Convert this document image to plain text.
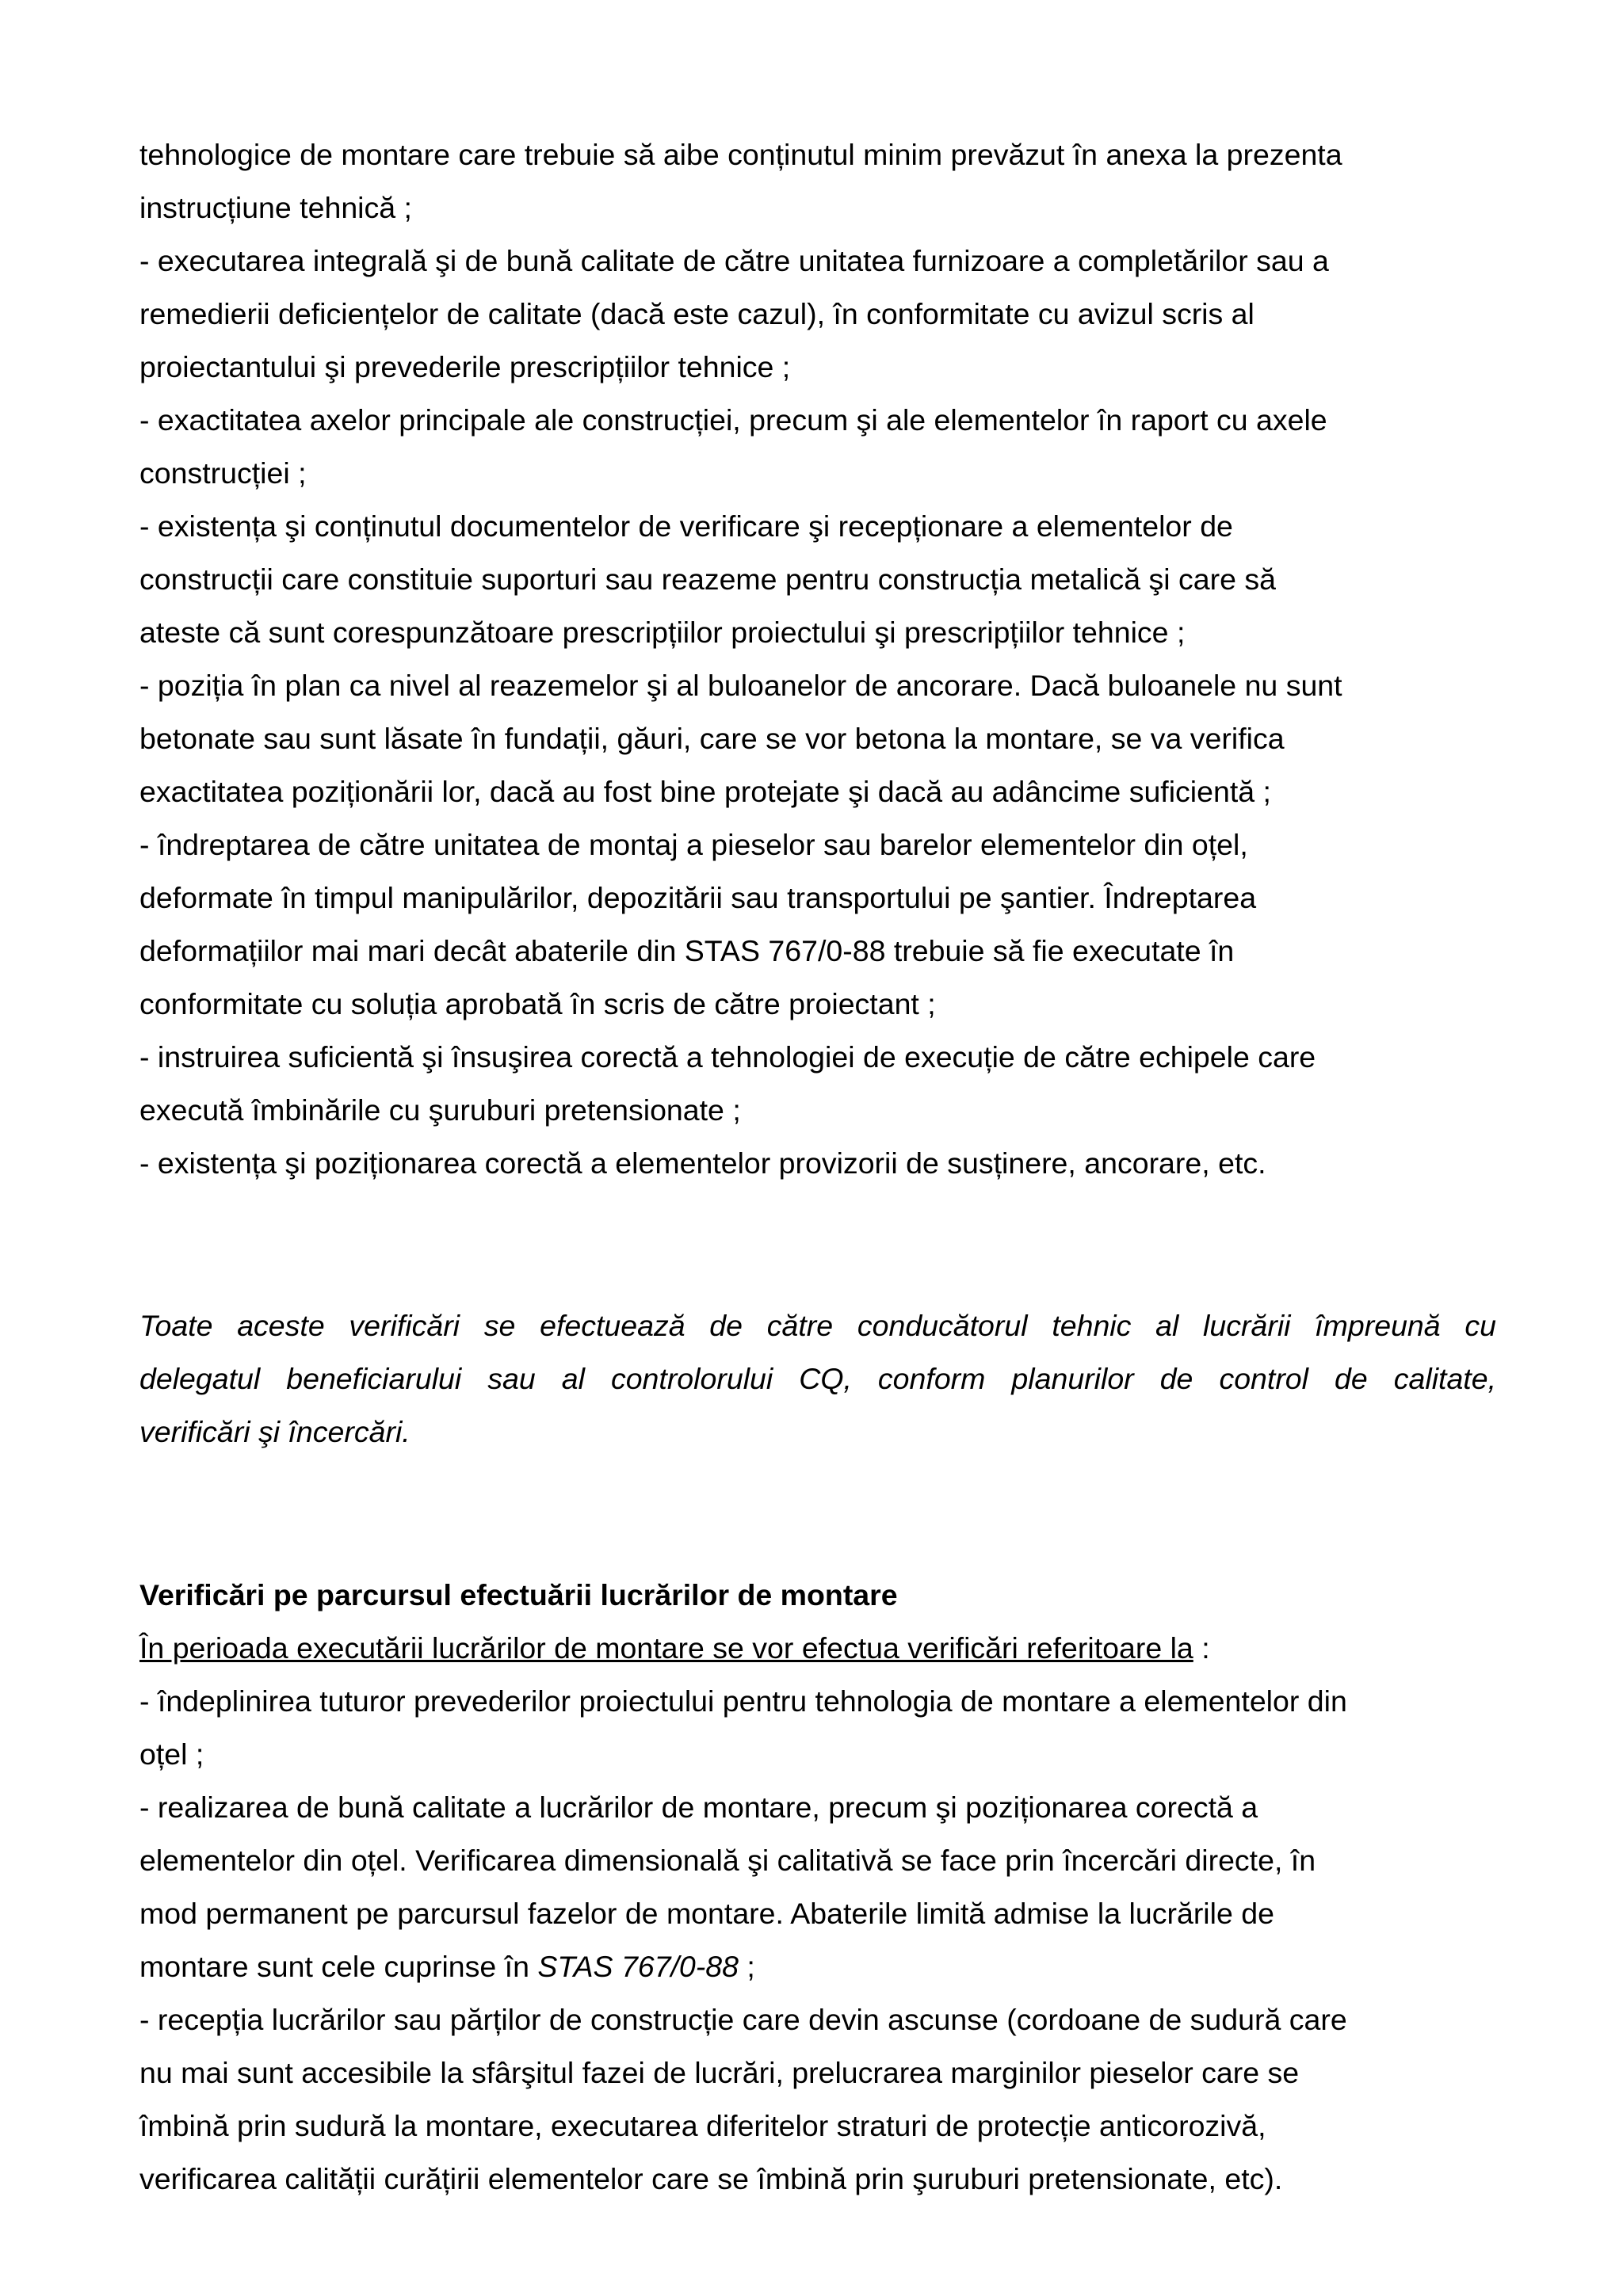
tehnologice de montare care trebuie să aibe conținutul minim prevăzut în anexa la prezenta
instrucțiune tehnică ;
- executarea integrală şi de bună calitate de către unitatea furnizoare a completărilor sau a
remedierii deficiențelor de calitate (dacă este cazul), în conformitate cu avizul scris al
proiectantului şi prevederile prescripțiilor tehnice ;
- exactitatea axelor principale ale construcției, precum şi ale elementelor în raport cu axele
construcției ;
- existența şi conținutul documentelor de verificare şi recepționare a elementelor de
construcții care constituie suporturi sau reazeme pentru construcția metalică şi care să
ateste că sunt corespunzătoare prescripțiilor proiectului şi prescripțiilor tehnice ;
- poziția în plan ca nivel al reazemelor şi al buloanelor de ancorare. Dacă buloanele nu sunt
betonate sau sunt lăsate în fundații, găuri, care se vor betona la montare, se va verifica
exactitatea poziționării lor, dacă au fost bine protejate şi dacă au adâncime suficientă ;
- îndreptarea de către unitatea de montaj a pieselor sau barelor elementelor din oțel,
deformate în timpul manipulărilor, depozitării sau transportului pe şantier. Îndreptarea
deformațiilor mai mari decât abaterile din STAS 767/0-88 trebuie să fie executate în
conformitate cu soluția aprobată în scris de către proiectant ;
- instruirea suficientă şi însuşirea corectă a tehnologiei de execuție de către echipele care
execută îmbinările cu şuruburi pretensionate ;
- existența şi poziționarea corectă a elementelor provizorii de susținere, ancorare, etc.
Toate aceste verificări se efectuează de către conducătorul tehnic al lucrării împreună cu
delegatul beneficiarului sau al controlorului CQ, conform planurilor de control de calitate,
verificări şi încercări.
Verificări pe parcursul efectuării lucrărilor de montare
În perioada executării lucrărilor de montare se vor efectua verificări referitoare la :
- îndeplinirea tuturor prevederilor proiectului pentru tehnologia de montare a elementelor din
oțel ;
- realizarea de bună calitate a lucrărilor de montare, precum şi poziționarea corectă a
elementelor din oțel. Verificarea dimensională şi calitativă se face prin încercări directe, în
mod permanent pe parcursul fazelor de montare. Abaterile limită admise la lucrările de
montare sunt cele cuprinse în STAS 767/0-88 ;
- recepția lucrărilor sau părților de construcție care devin ascunse (cordoane de sudură care
nu mai sunt accesibile la sfârşitul fazei de lucrări, prelucrarea marginilor pieselor care se
îmbină prin sudură la montare, executarea diferitelor straturi de protecție anticorozivă,
verificarea calității curățirii elementelor care se îmbină prin şuruburi pretensionate, etc).
